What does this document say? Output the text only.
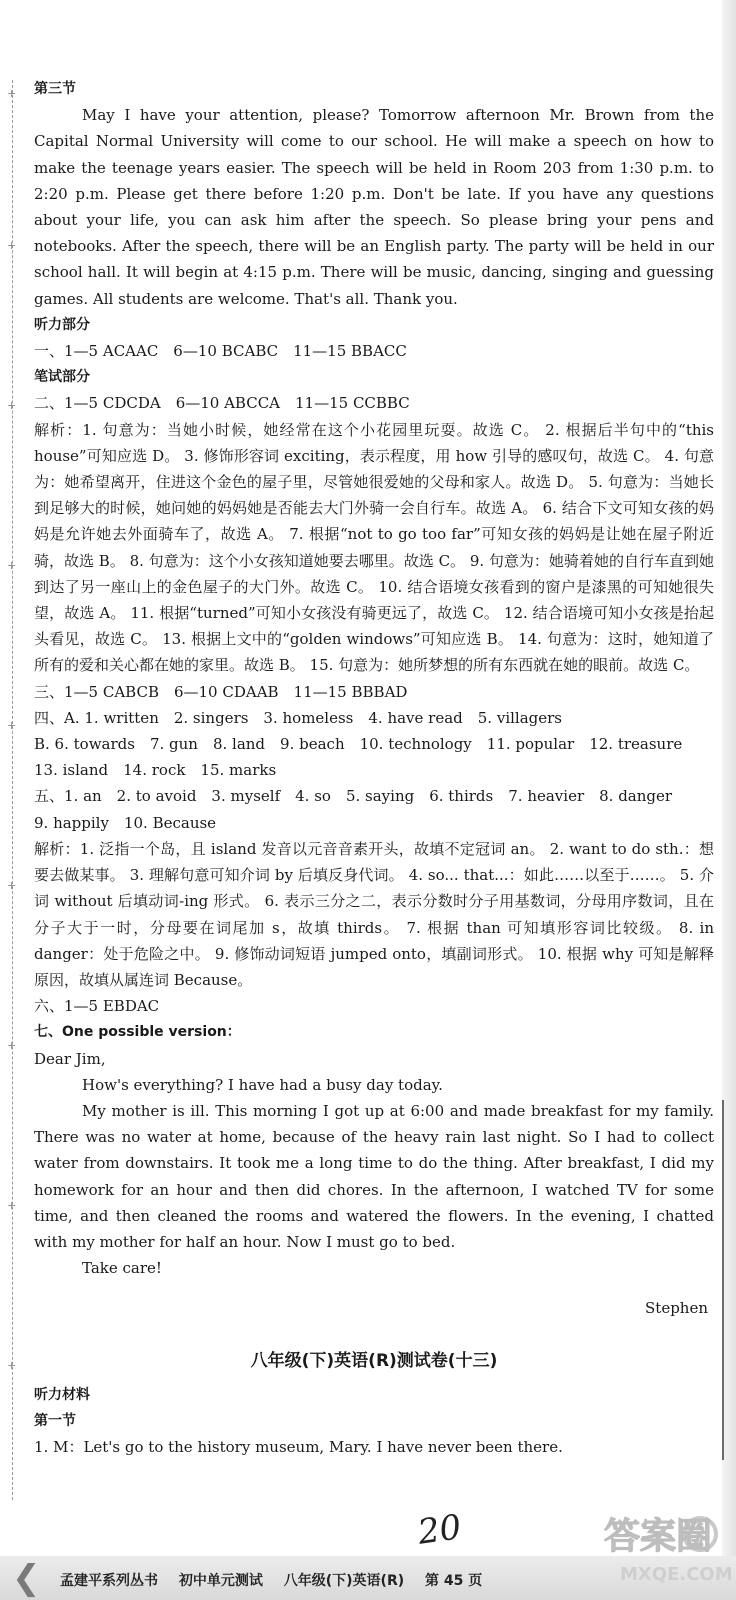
+
+
+
+
+
+
+
+
+

第三节

May I have your attention, please? Tomorrow afternoon Mr. Brown from the Capital Normal University will come to our school. He will make a speech on how to make the teenage years easier. The speech will be held in Room 203 from 1:30 p.m. to 2:20 p.m. Please get there before 1:20 p.m. Don't be late. If you have any questions about your life, you can ask him after the speech. So please bring your pens and notebooks. After the speech, there will be an English party. The party will be held in our school hall. It will begin at 4:15 p.m. There will be music, dancing, singing and guessing games. All students are welcome. That's all. Thank you.

听力部分

一、1—5 ACAAC　6—10 BCABC　11—15 BBACC

笔试部分

二、1—5 CDCDA　6—10 ABCCA　11—15 CCBBC

解析：1. 句意为：当她小时候，她经常在这个小花园里玩耍。故选 C。 2. 根据后半句中的“this house”可知应选 D。 3. 修饰形容词 exciting，表示程度，用 how 引导的感叹句，故选 C。 4. 句意为：她希望离开，住进这个金色的屋子里，尽管她很爱她的父母和家人。故选 D。 5. 句意为：当她长到足够大的时候，她问她的妈妈她是否能去大门外骑一会自行车。故选 A。 6. 结合下文可知女孩的妈妈是允许她去外面骑车了，故选 A。 7. 根据“not to go too far”可知女孩的妈妈是让她在屋子附近骑，故选 B。 8. 句意为：这个小女孩知道她要去哪里。故选 C。 9. 句意为：她骑着她的自行车直到她到达了另一座山上的金色屋子的大门外。故选 C。 10. 结合语境女孩看到的窗户是漆黑的可知她很失望，故选 A。 11. 根据“turned”可知小女孩没有骑更远了，故选 C。 12. 结合语境可知小女孩是抬起头看见，故选 C。 13. 根据上文中的“golden windows”可知应选 B。 14. 句意为：这时，她知道了所有的爱和关心都在她的家里。故选 B。 15. 句意为：她所梦想的所有东西就在她的眼前。故选 C。

三、1—5 CABCB　6—10 CDAAB　11—15 BBBAD

四、A. 1. written　2. singers　3. homeless　4. have read　5. villagers

B. 6. towards　7. gun　8. land　9. beach　10. technology　11. popular　12. treasure

13. island　14. rock　15. marks

五、1. an　2. to avoid　3. myself　4. so　5. saying　6. thirds　7. heavier　8. danger

9. happily　10. Because

解析：1. 泛指一个岛，且 island 发音以元音音素开头，故填不定冠词 an。 2. want to do sth.：想要去做某事。 3. 理解句意可知介词 by 后填反身代词。 4. so... that...：如此……以至于……。 5. 介词 without 后填动词-ing 形式。 6. 表示三分之二，表示分数时分子用基数词，分母用序数词，且在分子大于一时，分母要在词尾加 s，故填 thirds。 7. 根据 than 可知填形容词比较级。 8. in danger：处于危险之中。 9. 修饰动词短语 jumped onto，填副词形式。 10. 根据 why 可知是解释原因，故填从属连词 Because。

六、1—5 EBDAC

七、One possible version：

Dear Jim,

How's everything? I have had a busy day today.

My mother is ill. This morning I got up at 6:00 and made breakfast for my family. There was no water at home, because of the heavy rain last night. So I had to collect water from downstairs. It took me a long time to do the thing. After breakfast, I did my homework for an hour and then did chores. In the afternoon, I watched TV for some time, and then cleaned the rooms and watered the flowers. In the evening, I chatted with my mother for half an hour. Now I must go to bed.

Take care!

Stephen

八年级(下)英语(R)测试卷(十三)

听力材料

第一节

1. M：Let's go to the history museum, Mary. I have never been there.

20
孟建平系列丛书 初中单元测试 八年级(下)英语(R) 第 45 页
❮
答案圈
MXQE.COM
